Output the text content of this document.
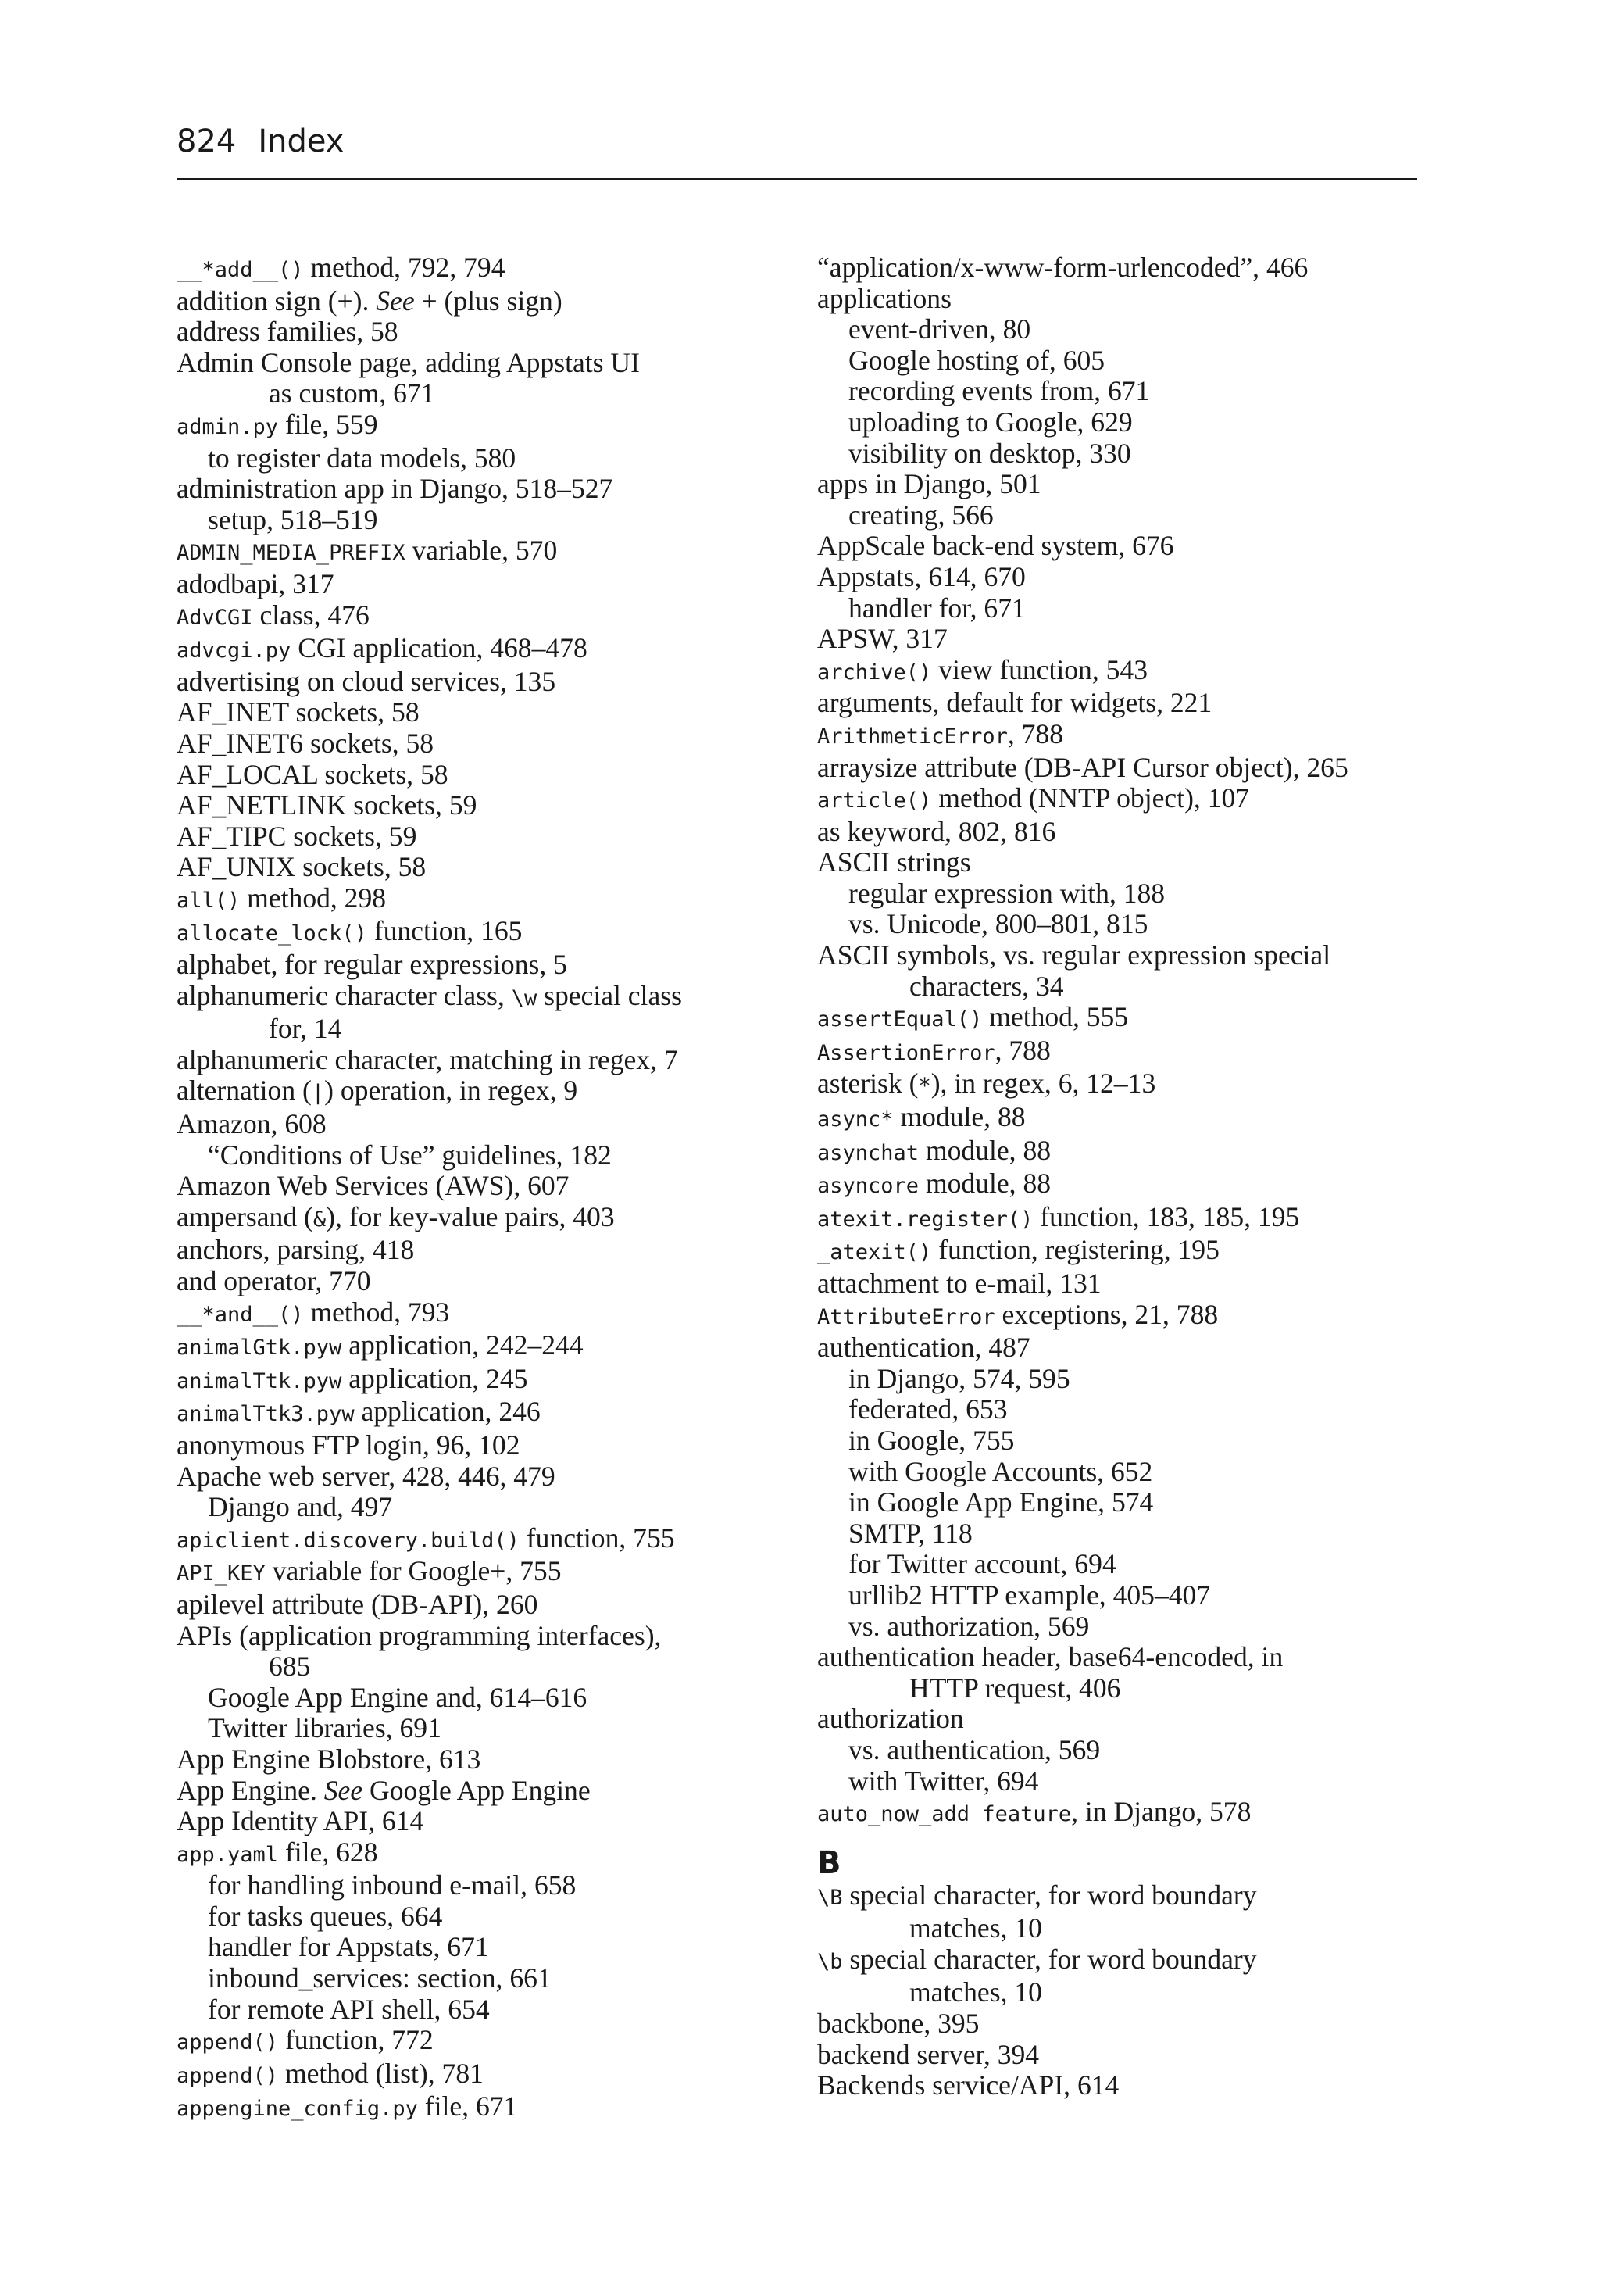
824 Index
__*add__() method, 792, 794
addition sign (+). See + (plus sign)
address families, 58
Admin Console page, adding Appstats UI
as custom, 671
admin.py file, 559
to register data models, 580
administration app in Django, 518–527
setup, 518–519
ADMIN_MEDIA_PREFIX variable, 570
adodbapi, 317
AdvCGI class, 476
advcgi.py CGI application, 468–478
advertising on cloud services, 135
AF_INET sockets, 58
AF_INET6 sockets, 58
AF_LOCAL sockets, 58
AF_NETLINK sockets, 59
AF_TIPC sockets, 59
AF_UNIX sockets, 58
all() method, 298
allocate_lock() function, 165
alphabet, for regular expressions, 5
alphanumeric character class, \w special class
for, 14
alphanumeric character, matching in regex, 7
alternation (|) operation, in regex, 9
Amazon, 608
“Conditions of Use” guidelines, 182
Amazon Web Services (AWS), 607
ampersand (&), for key-value pairs, 403
anchors, parsing, 418
and operator, 770
__*and__() method, 793
animalGtk.pyw application, 242–244
animalTtk.pyw application, 245
animalTtk3.pyw application, 246
anonymous FTP login, 96, 102
Apache web server, 428, 446, 479
Django and, 497
apiclient.discovery.build() function, 755
API_KEY variable for Google+, 755
apilevel attribute (DB-API), 260
APIs (application programming interfaces),
685
Google App Engine and, 614–616
Twitter libraries, 691
App Engine Blobstore, 613
App Engine. See Google App Engine
App Identity API, 614
app.yaml file, 628
for handling inbound e-mail, 658
for tasks queues, 664
handler for Appstats, 671
inbound_services: section, 661
for remote API shell, 654
append() function, 772
append() method (list), 781
appengine_config.py file, 671
“application/x-www-form-urlencoded”, 466
applications
event-driven, 80
Google hosting of, 605
recording events from, 671
uploading to Google, 629
visibility on desktop, 330
apps in Django, 501
creating, 566
AppScale back-end system, 676
Appstats, 614, 670
handler for, 671
APSW, 317
archive() view function, 543
arguments, default for widgets, 221
ArithmeticError, 788
arraysize attribute (DB-API Cursor object), 265
article() method (NNTP object), 107
as keyword, 802, 816
ASCII strings
regular expression with, 188
vs. Unicode, 800–801, 815
ASCII symbols, vs. regular expression special
characters, 34
assertEqual() method, 555
AssertionError, 788
asterisk (*), in regex, 6, 12–13
async* module, 88
asynchat module, 88
asyncore module, 88
atexit.register() function, 183, 185, 195
_atexit() function, registering, 195
attachment to e-mail, 131
AttributeError exceptions, 21, 788
authentication, 487
in Django, 574, 595
federated, 653
in Google, 755
with Google Accounts, 652
in Google App Engine, 574
SMTP, 118
for Twitter account, 694
urllib2 HTTP example, 405–407
vs. authorization, 569
authentication header, base64-encoded, in
HTTP request, 406
authorization
vs. authentication, 569
with Twitter, 694
auto_now_add feature, in Django, 578
B
\B special character, for word boundary
matches, 10
\b special character, for word boundary
matches, 10
backbone, 395
backend server, 394
Backends service/API, 614
